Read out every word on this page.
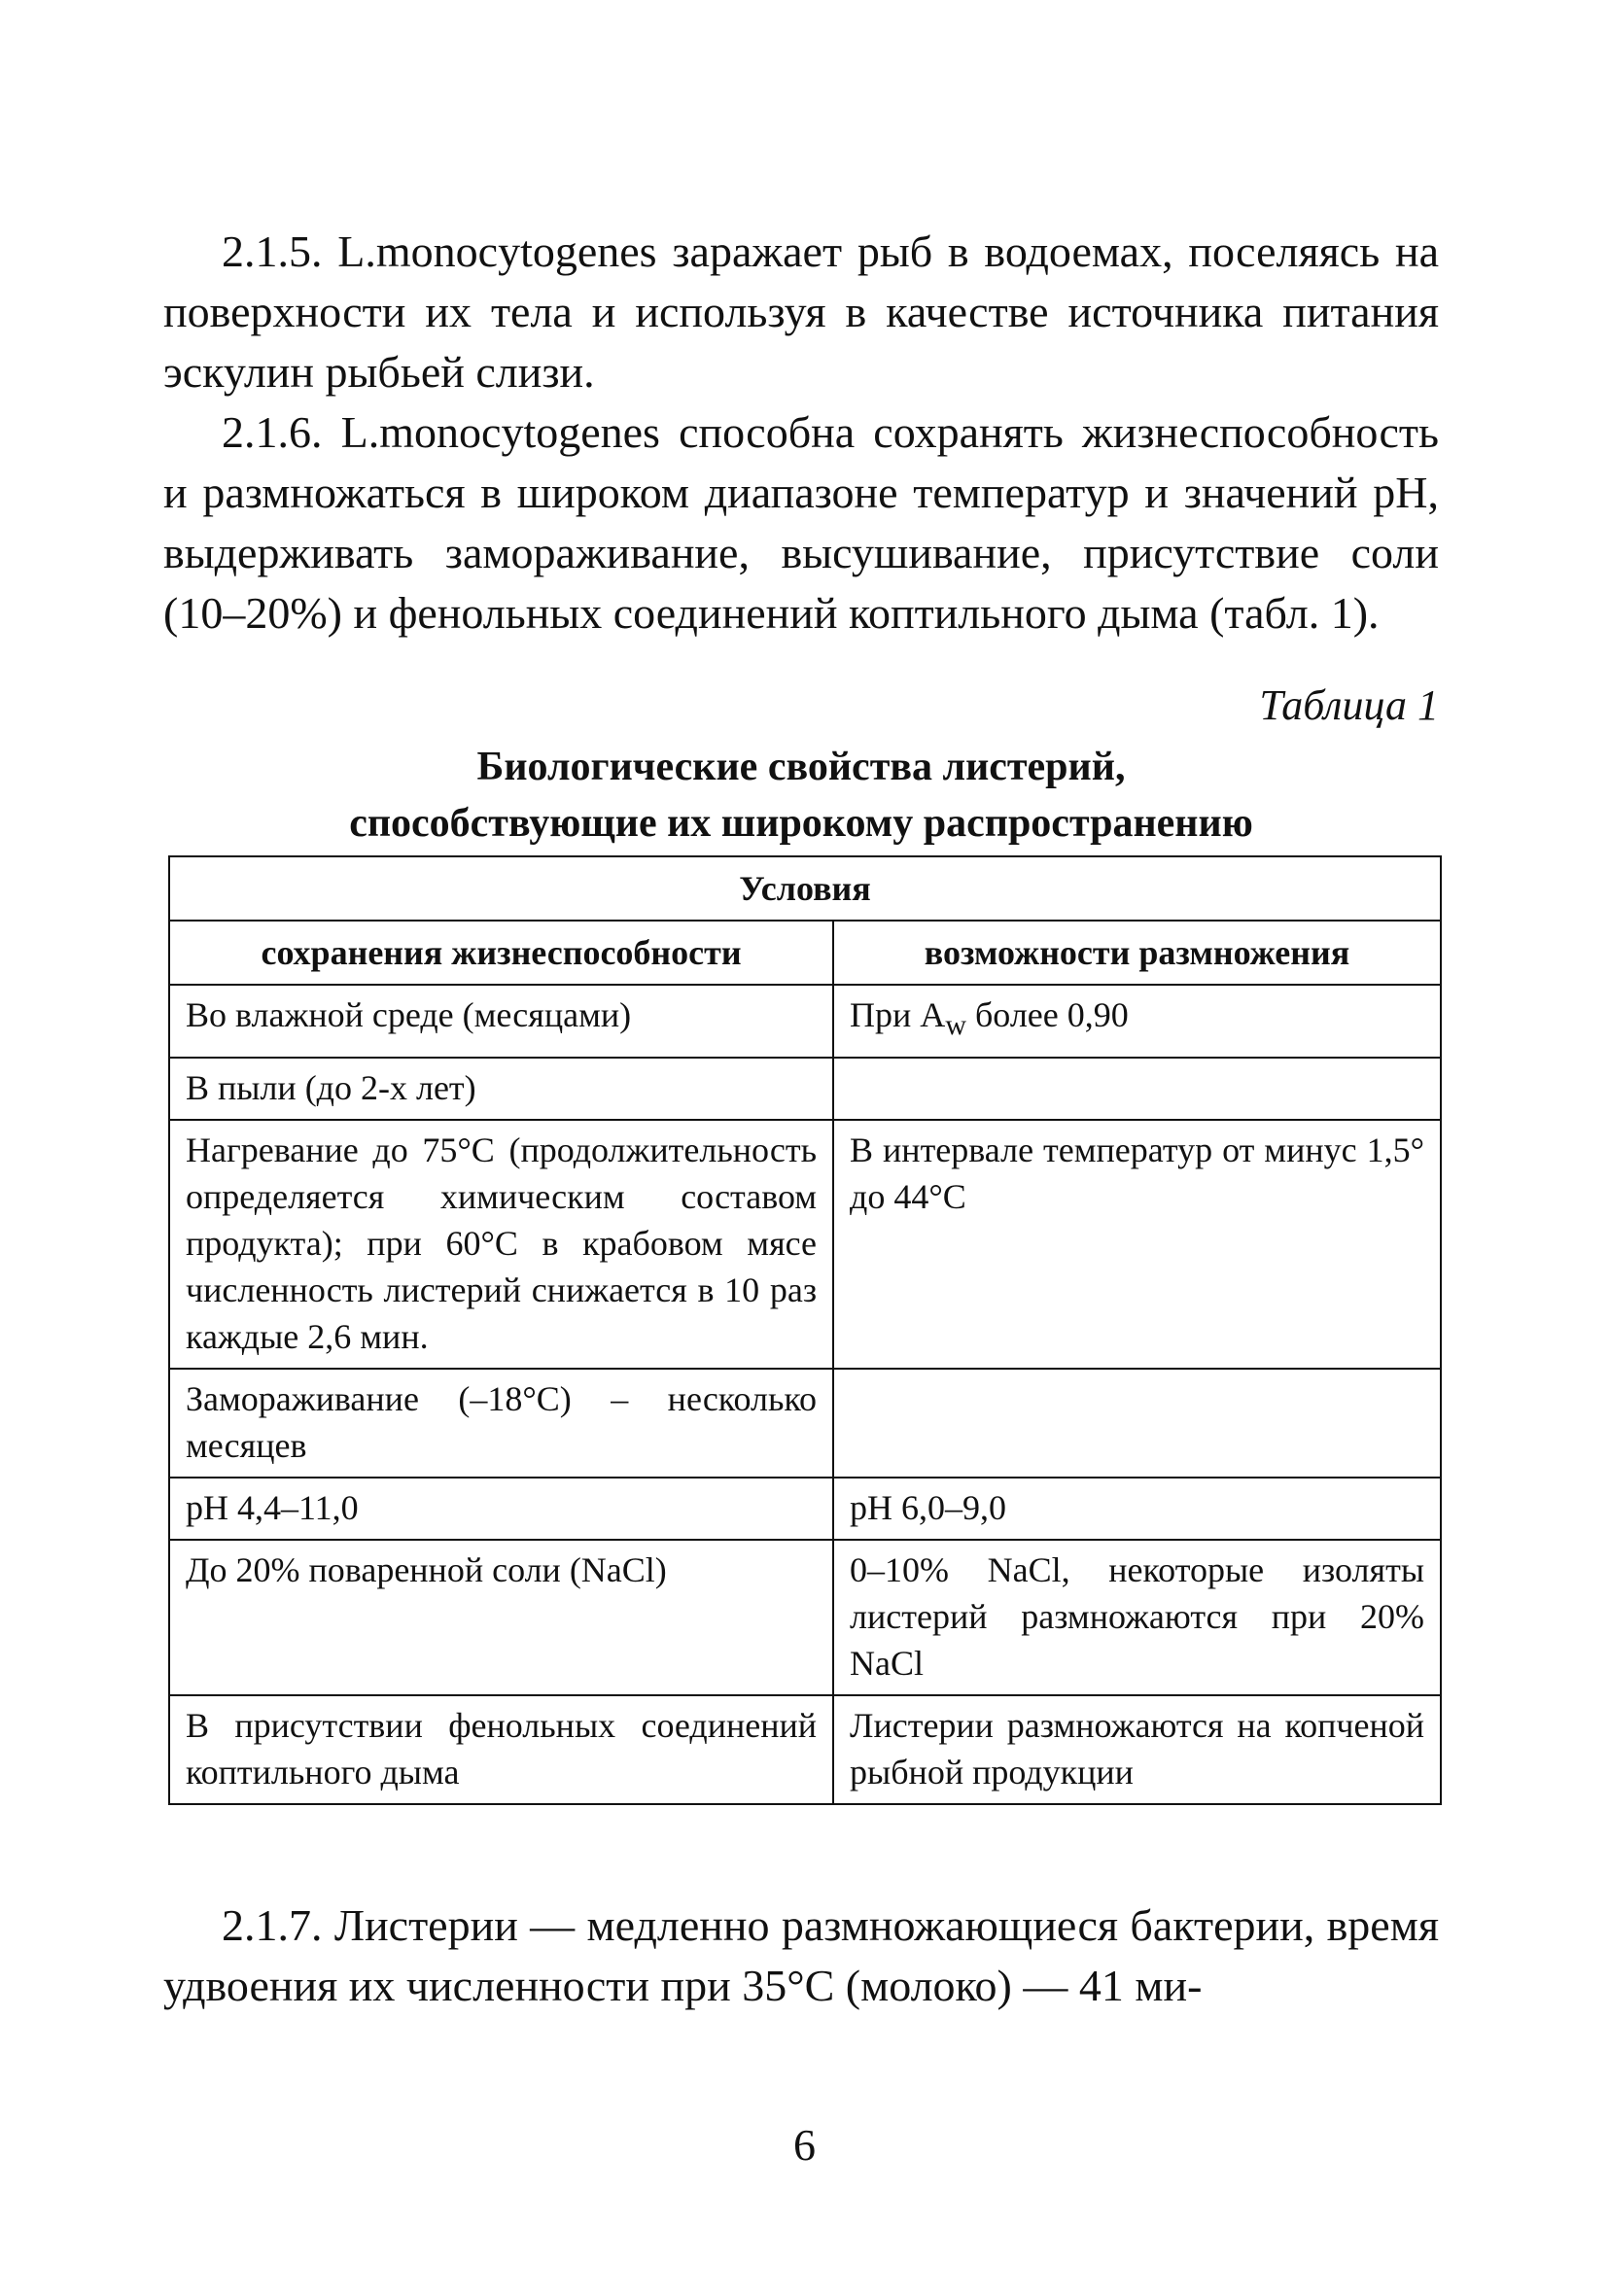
2.1.5. L.monocytogenes заражает рыб в водоемах, поселяясь на поверхности их тела и используя в качестве источника питания эскулин рыбьей слизи.

2.1.6. L.monocytogenes способна сохранять жизнеспособность и размножаться в широком диапазоне температур и значений pH, выдерживать замораживание, высушивание, присутствие соли (10–20%) и фенольных соединений коптильного дыма (табл. 1).

Таблица 1

Биологические свойства листерий,
способствующие их широкому распространению
Условия	
сохранения жизнеспособности	возможности размножения
Во влажной среде (месяцами)	При $A_w$ более 0,90
В пыли (до 2-х лет)	
Нагревание до 75°С (продолжительность определяется химическим составом продукта); при 60°С в крабовом мясе численность листерий снижается в 10 раз каждые 2,6 мин.	В интервале температур от минус 1,5° до 44°С
Замораживание (–18°С) – несколько месяцев	
pH 4,4–11,0	pH 6,0–9,0
До 20% поваренной соли (NaCl)	0–10% NaCl, некоторые изоляты листерий размножаются при 20% NaCl
В присутствии фенольных соединений коптильного дыма	Листерии размножаются на копченой рыбной продукции

2.1.7. Листерии — медленно размножающиеся бактерии, время удвоения их численности при 35°С (молоко) — 41 ми-

6
